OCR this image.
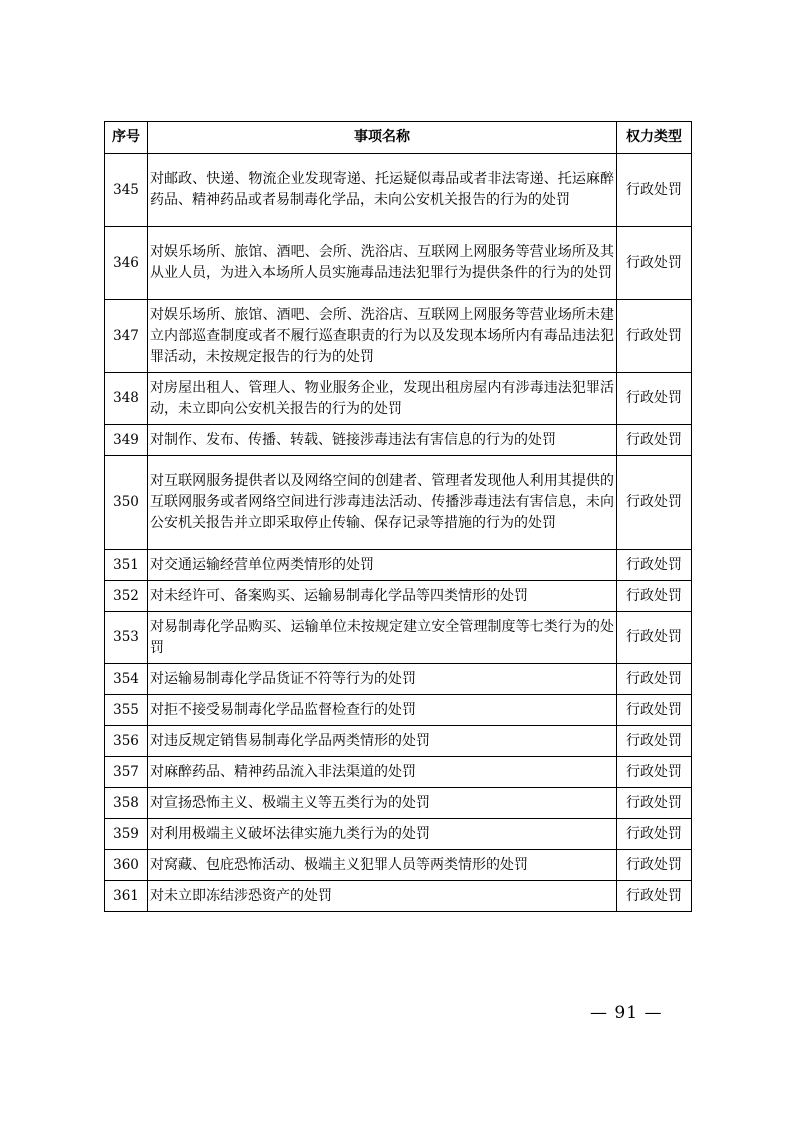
序号	事项名称	权力类型
345	对邮政、快递、物流企业发现寄递、托运疑似毒品或者非法寄递、托运麻醉药品、精神药品或者易制毒化学品，未向公安机关报告的行为的处罚	行政处罚
346	对娱乐场所、旅馆、酒吧、会所、洗浴店、互联网上网服务等营业场所及其从业人员，为进入本场所人员实施毒品违法犯罪行为提供条件的行为的处罚	行政处罚
347	对娱乐场所、旅馆、酒吧、会所、洗浴店、互联网上网服务等营业场所未建立内部巡查制度或者不履行巡查职责的行为以及发现本场所内有毒品违法犯罪活动，未按规定报告的行为的处罚	行政处罚
348	对房屋出租人、管理人、物业服务企业，发现出租房屋内有涉毒违法犯罪活动，未立即向公安机关报告的行为的处罚	行政处罚
349	对制作、发布、传播、转载、链接涉毒违法有害信息的行为的处罚	行政处罚
350	对互联网服务提供者以及网络空间的创建者、管理者发现他人利用其提供的互联网服务或者网络空间进行涉毒违法活动、传播涉毒违法有害信息，未向公安机关报告并立即采取停止传输、保存记录等措施的行为的处罚	行政处罚
351	对交通运输经营单位两类情形的处罚	行政处罚
352	对未经许可、备案购买、运输易制毒化学品等四类情形的处罚	行政处罚
353	对易制毒化学品购买、运输单位未按规定建立安全管理制度等七类行为的处罚	行政处罚
354	对运输易制毒化学品货证不符等行为的处罚	行政处罚
355	对拒不接受易制毒化学品监督检查行的处罚	行政处罚
356	对违反规定销售易制毒化学品两类情形的处罚	行政处罚
357	对麻醉药品、精神药品流入非法渠道的处罚	行政处罚
358	对宣扬恐怖主义、极端主义等五类行为的处罚	行政处罚
359	对利用极端主义破坏法律实施九类行为的处罚	行政处罚
360	对窝藏、包庇恐怖活动、极端主义犯罪人员等两类情形的处罚	行政处罚
361	对未立即冻结涉恐资产的处罚	行政处罚
— 91 —
